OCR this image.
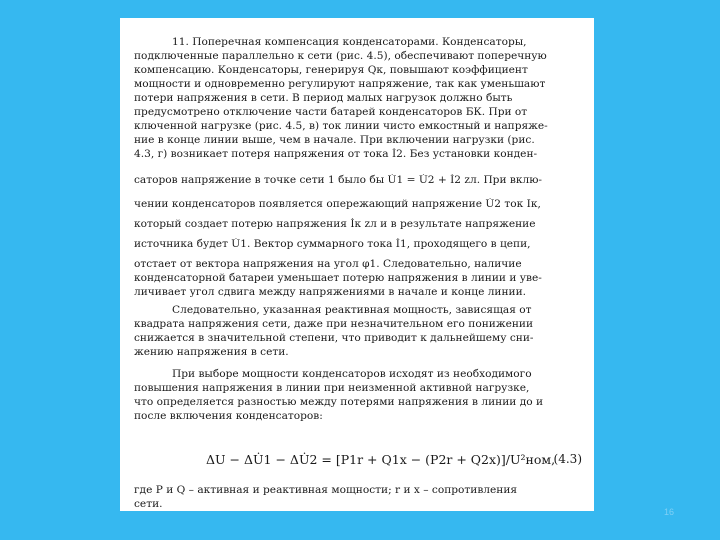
11. Поперечная компенсация конденсаторами. Конденсаторы,
подключенные параллельно к сети (рис. 4.5), обеспечивают поперечную
компенсацию. Конденсаторы, генерируя Qк, повышают коэффициент
мощности и одновременно регулируют напряжение, так как уменьшают
потери напряжения в сети. В период малых нагрузок должно быть
предусмотрено отключение части батарей конденсаторов БК. При от
ключенной нагрузке (рис. 4.5, в) ток линии чисто емкостный и напряже-
ние в конце линии выше, чем в начале. При включении нагрузки (рис.
4.3, г) возникает потеря напряжения от тока İ2. Без установки конден-
саторов напряжение в точке сети 1 было бы U̇1 = U̇2 + İ2 zл. При вклю-
чении конденсаторов появляется опережающий напряжение U̇2 ток Iк,
который создает потерю напряжения İк zл и в результате напряжение
источника будет U̇1. Вектор суммарного тока İ1, проходящего в цепи,
отстает от вектора напряжения на угол φ1. Следовательно, наличие
конденсаторной батареи уменьшает потерю напряжения в линии и уве-
личивает угол сдвига между напряжениями в начале и конце линии.
Следовательно, указанная реактивная мощность, зависящая от
квадрата напряжения сети, даже при незначительном его понижении
снижается в значительной степени, что приводит к дальнейшему сни-
жению напряжения в сети.
При выборе мощности конденсаторов исходят из необходимого
повышения напряжения в линии при неизменной активной нагрузке,
что определяется разностью между потерями напряжения в линии до и
после включения конденсаторов:
ΔU − ΔU̇1 − ΔU̇2 = [P1r + Q1x − (P2r + Q2x)]/U²ном,
(4.3)
где P и Q – активная и реактивная мощности; r и x – сопротивления
сети.
16
